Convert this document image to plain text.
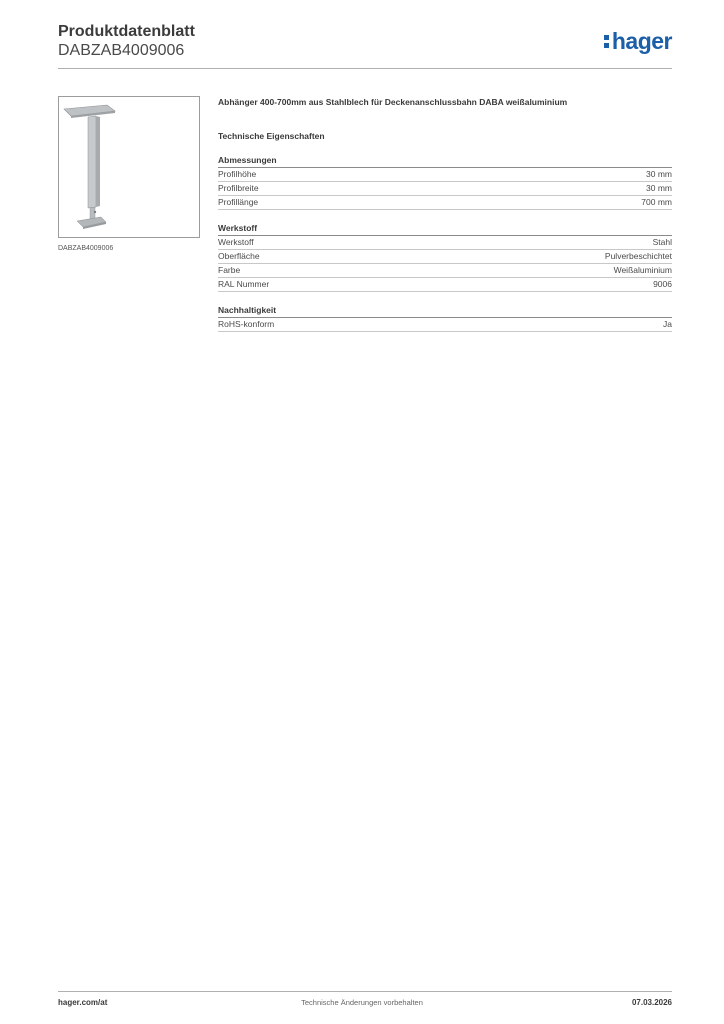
Produktdatenblatt
DABZAB4009006	hager
DABZAB4009006
Abhänger 400-700mm aus Stahlblech für Deckenanschlussbahn DABA weißaluminium
Technische Eigenschaften
Abmessungen
Profilhöhe	30 mm
Profilbreite	30 mm
Profillänge	700 mm
Werkstoff
Werkstoff	Stahl
Oberfläche	Pulverbeschichtet
Farbe	Weißaluminium
RAL Nummer	9006
Nachhaltigkeit
RoHS-konform	Ja
hager.com/at	Technische Änderungen vorbehalten	07.03.2026
